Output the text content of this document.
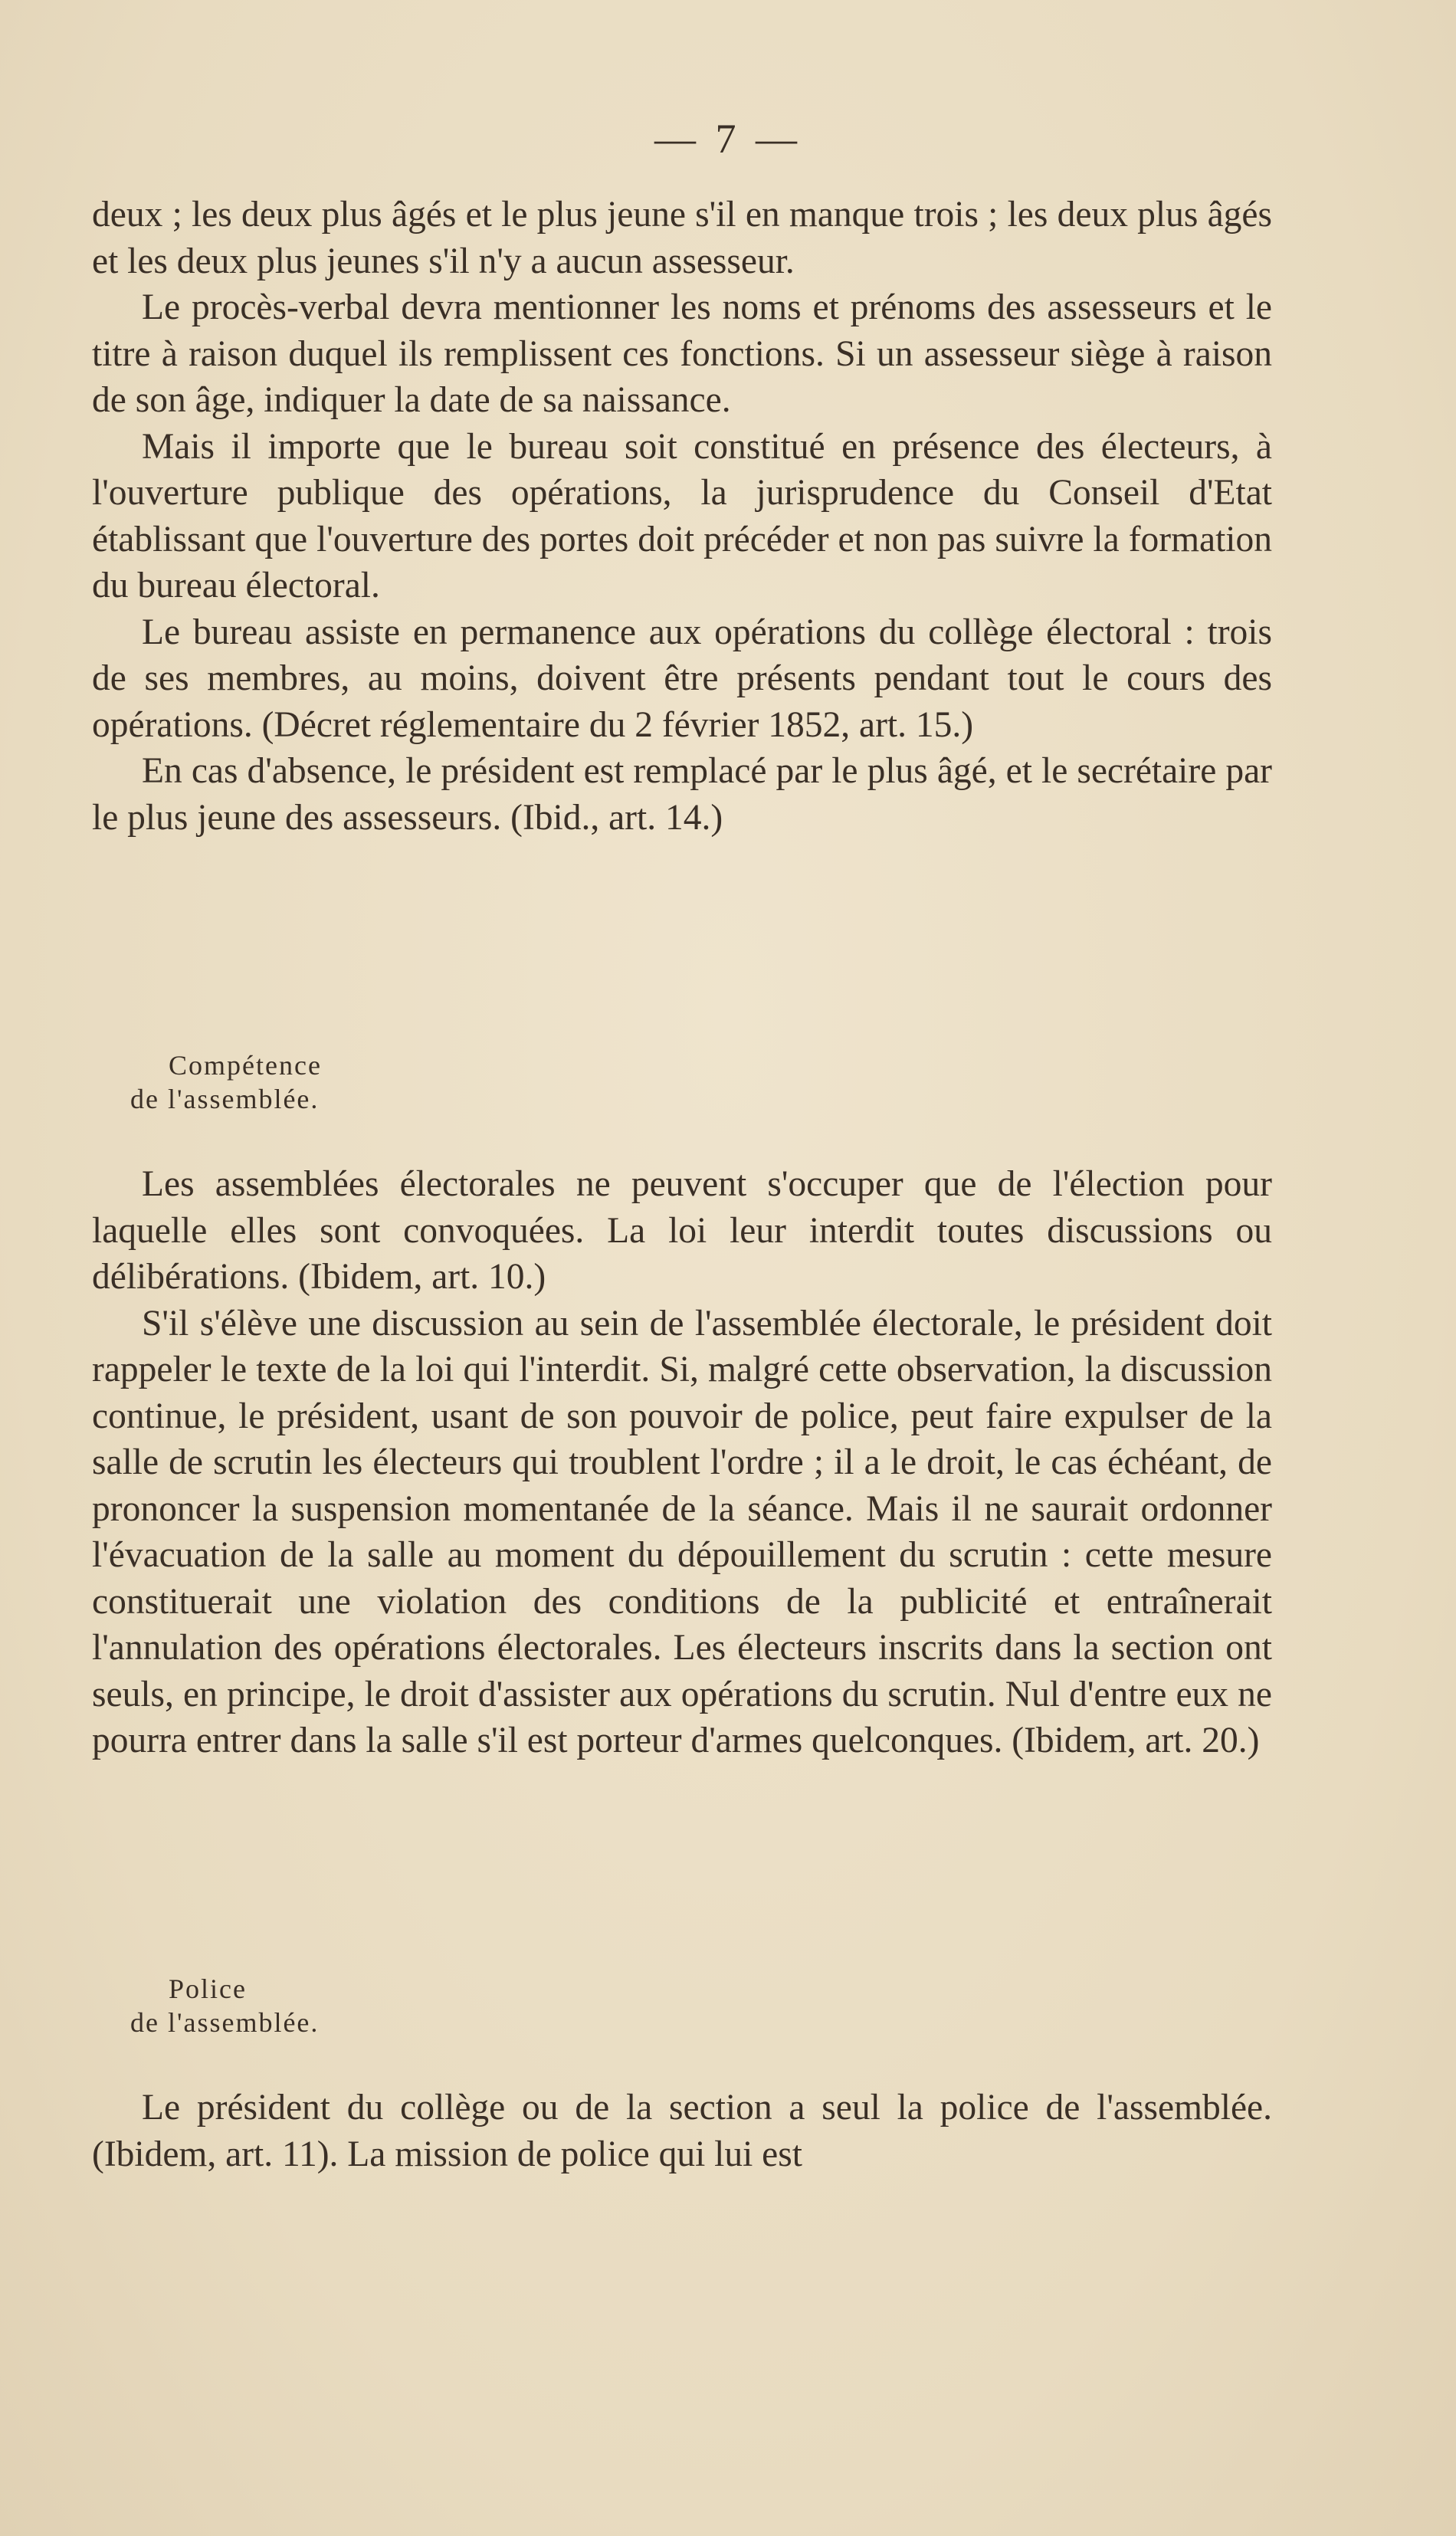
— 7 —

deux ; les deux plus âgés et le plus jeune s'il en manque trois ; les deux plus âgés et les deux plus jeunes s'il n'y a aucun assesseur.

Le procès-verbal devra mentionner les noms et prénoms des assesseurs et le titre à raison duquel ils remplissent ces fonctions. Si un assesseur siège à raison de son âge, indiquer la date de sa naissance.

Mais il importe que le bureau soit constitué en présence des électeurs, à l'ouverture publique des opérations, la jurisprudence du Conseil d'Etat établissant que l'ouverture des portes doit précéder et non pas suivre la formation du bureau électoral.

Le bureau assiste en permanence aux opérations du collège électoral : trois de ses membres, au moins, doivent être présents pendant tout le cours des opérations. (Décret réglementaire du 2 février 1852, art. 15.)

En cas d'absence, le président est remplacé par le plus âgé, et le secrétaire par le plus jeune des assesseurs. (Ibid., art. 14.)

Compétence
de l'assemblée.

Les assemblées électorales ne peuvent s'occuper que de l'élection pour laquelle elles sont convoquées. La loi leur interdit toutes discussions ou délibérations. (Ibidem, art. 10.)

S'il s'élève une discussion au sein de l'assemblée électorale, le président doit rappeler le texte de la loi qui l'interdit. Si, malgré cette observation, la discussion continue, le président, usant de son pouvoir de police, peut faire expulser de la salle de scrutin les électeurs qui troublent l'ordre ; il a le droit, le cas échéant, de prononcer la suspension momentanée de la séance. Mais il ne saurait ordonner l'évacuation de la salle au moment du dépouillement du scrutin : cette mesure constituerait une violation des conditions de la publicité et entraînerait l'annulation des opérations électorales. Les électeurs inscrits dans la section ont seuls, en principe, le droit d'assister aux opérations du scrutin. Nul d'entre eux ne pourra entrer dans la salle s'il est porteur d'armes quelconques. (Ibidem, art. 20.)

Police
de l'assemblée.

Le président du collège ou de la section a seul la police de l'assemblée. (Ibidem, art. 11). La mission de police qui lui est
